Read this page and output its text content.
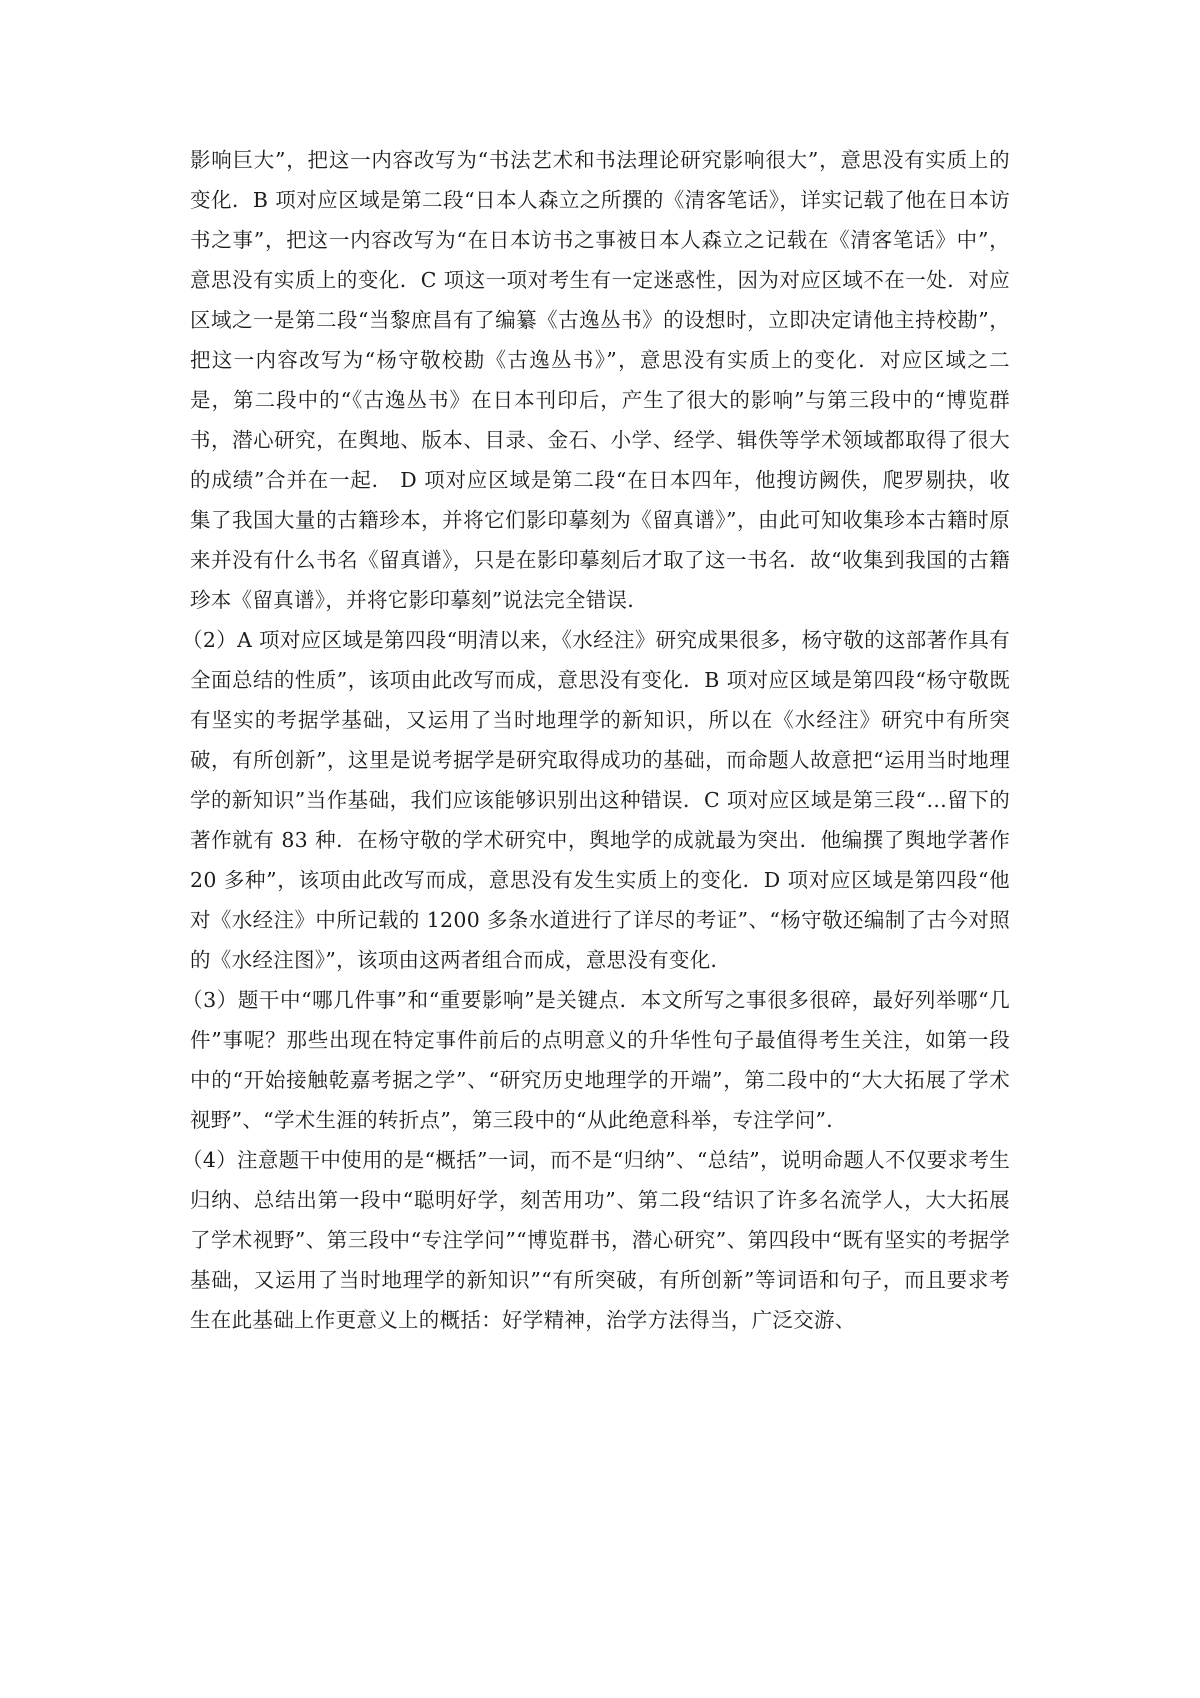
影响巨大”，把这一内容改写为“书法艺术和书法理论研究影响很大”，意思没有实质上的变化．B 项对应区域是第二段“日本人森立之所撰的《清客笔话》，详实记载了他在日本访书之事”，把这一内容改写为“在日本访书之事被日本人森立之记载在《清客笔话》中”，意思没有实质上的变化．C 项这一项对考生有一定迷惑性，因为对应区域不在一处．对应区域之一是第二段“当黎庶昌有了编纂《古逸丛书》的设想时，立即决定请他主持校勘”，把这一内容改写为“杨守敬校勘《古逸丛书》”，意思没有实质上的变化．对应区域之二是，第二段中的“《古逸丛书》在日本刊印后，产生了很大的影响”与第三段中的“博览群书，潜心研究，在舆地、版本、目录、金石、小学、经学、辑佚等学术领域都取得了很大的成绩”合并在一起． D 项对应区域是第二段“在日本四年，他搜访阙佚，爬罗剔抉，收集了我国大量的古籍珍本，并将它们影印摹刻为《留真谱》”，由此可知收集珍本古籍时原来并没有什么书名《留真谱》，只是在影印摹刻后才取了这一书名．故“收集到我国的古籍珍本《留真谱》，并将它影印摹刻”说法完全错误．

（2）A 项对应区域是第四段“明清以来，《水经注》研究成果很多，杨守敬的这部著作具有全面总结的性质”，该项由此改写而成，意思没有变化．B 项对应区域是第四段“杨守敬既有坚实的考据学基础，又运用了当时地理学的新知识，所以在《水经注》研究中有所突破，有所创新”，这里是说考据学是研究取得成功的基础，而命题人故意把“运用当时地理学的新知识”当作基础，我们应该能够识别出这种错误．C 项对应区域是第三段“…留下的著作就有 83 种．在杨守敬的学术研究中，舆地学的成就最为突出．他编撰了舆地学著作 20 多种”，该项由此改写而成，意思没有发生实质上的变化．D 项对应区域是第四段“他对《水经注》中所记载的 1200 多条水道进行了详尽的考证”、“杨守敬还编制了古今对照的《水经注图》”，该项由这两者组合而成，意思没有变化．

（3）题干中“哪几件事”和“重要影响”是关键点．本文所写之事很多很碎，最好列举哪“几件”事呢？那些出现在特定事件前后的点明意义的升华性句子最值得考生关注，如第一段中的“开始接触乾嘉考据之学”、“研究历史地理学的开端”，第二段中的“大大拓展了学术视野”、“学术生涯的转折点”，第三段中的“从此绝意科举，专注学问”．

（4）注意题干中使用的是“概括”一词，而不是“归纳”、“总结”，说明命题人不仅要求考生归纳、总结出第一段中“聪明好学，刻苦用功”、第二段“结识了许多名流学人，大大拓展了学术视野”、第三段中“专注学问”“博览群书，潜心研究”、第四段中“既有坚实的考据学基础，又运用了当时地理学的新知识”“有所突破，有所创新”等词语和句子，而且要求考生在此基础上作更意义上的概括：好学精神，治学方法得当，广泛交游、
